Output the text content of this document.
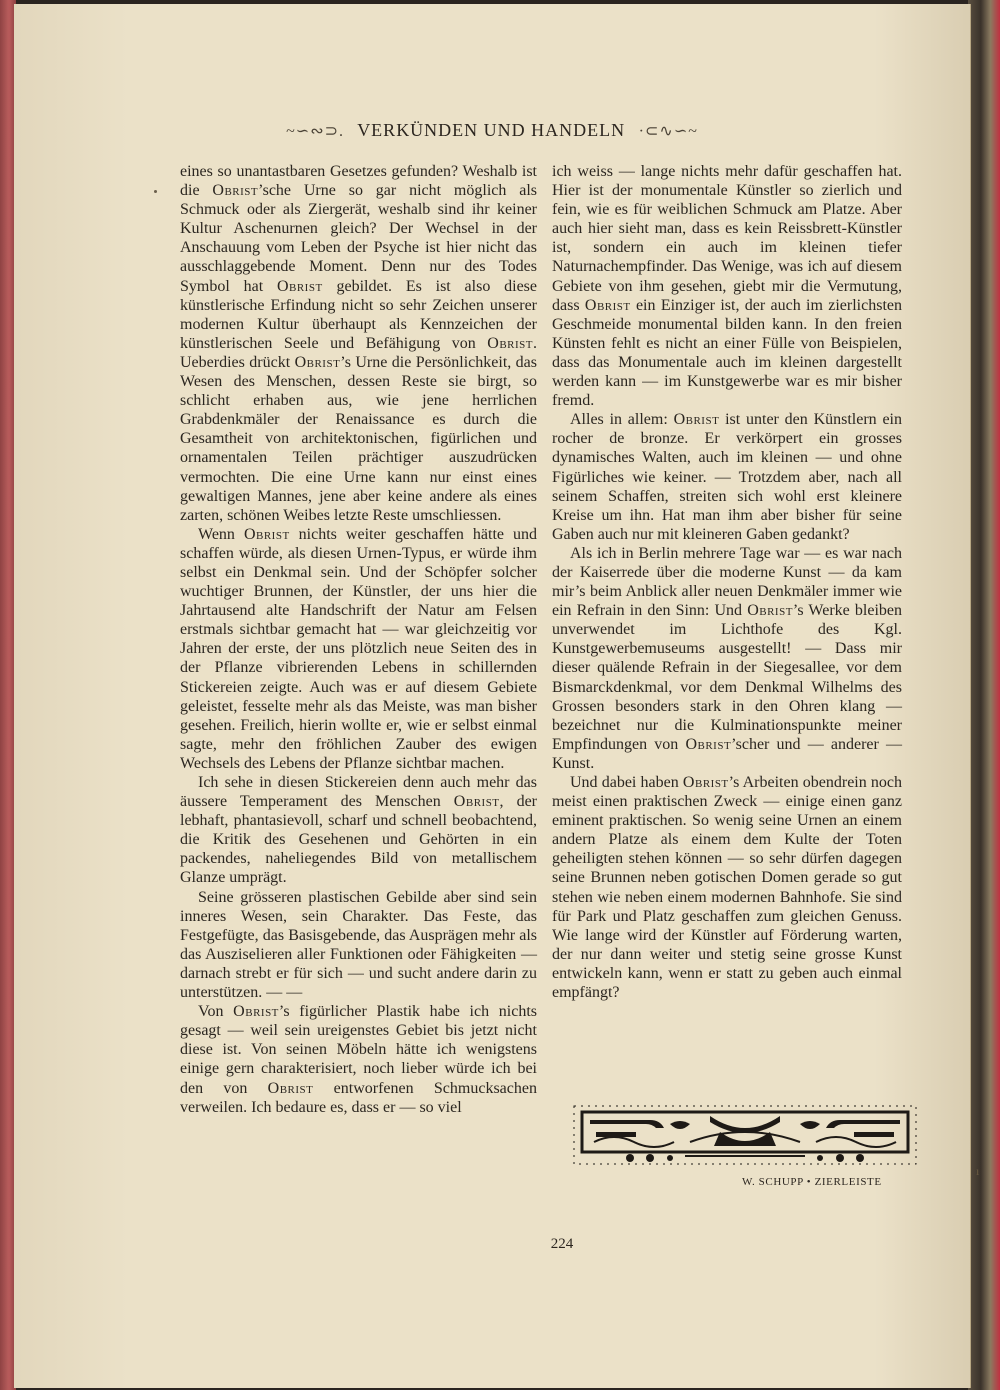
~∽∾⊃. VERKÜNDEN UND HANDELN ·⊂∿∽~

eines so unantastbaren Gesetzes gefunden? Weshalb ist die Obrist’sche Urne so gar nicht möglich als Schmuck oder als Ziergerät, weshalb sind ihr keiner Kultur Aschenurnen gleich? Der Wechsel in der Anschauung vom Leben der Psyche ist hier nicht das ausschlaggebende Moment. Denn nur des Todes Symbol hat Obrist gebildet. Es ist also diese künstlerische Erfindung nicht so sehr Zeichen unserer modernen Kultur überhaupt als Kennzeichen der künstlerischen Seele und Befähigung von Obrist. Ueberdies drückt Obrist’s Urne die Persönlichkeit, das Wesen des Menschen, dessen Reste sie birgt, so schlicht erhaben aus, wie jene herrlichen Grabdenkmäler der Renaissance es durch die Gesamtheit von architektonischen, figürlichen und ornamentalen Teilen prächtiger auszudrücken vermochten. Die eine Urne kann nur einst eines gewaltigen Mannes, jene aber keine andere als eines zarten, schönen Weibes letzte Reste umschliessen.

Wenn Obrist nichts weiter geschaffen hätte und schaffen würde, als diesen Urnen-Typus, er würde ihm selbst ein Denkmal sein. Und der Schöpfer solcher wuchtiger Brunnen, der Künstler, der uns hier die Jahrtausend alte Handschrift der Natur am Felsen erstmals sichtbar gemacht hat — war gleichzeitig vor Jahren der erste, der uns plötzlich neue Seiten des in der Pflanze vibrierenden Lebens in schillernden Stickereien zeigte. Auch was er auf diesem Gebiete geleistet, fesselte mehr als das Meiste, was man bisher gesehen. Freilich, hierin wollte er, wie er selbst einmal sagte, mehr den fröhlichen Zauber des ewigen Wechsels des Lebens der Pflanze sichtbar machen.

Ich sehe in diesen Stickereien denn auch mehr das äussere Temperament des Menschen Obrist, der lebhaft, phantasievoll, scharf und schnell beobachtend, die Kritik des Gesehenen und Gehörten in ein packendes, naheliegendes Bild von metallischem Glanze umprägt.

Seine grösseren plastischen Gebilde aber sind sein inneres Wesen, sein Charakter. Das Feste, das Festgefügte, das Basisgebende, das Ausprägen mehr als das Ausziselieren aller Funktionen oder Fähigkeiten — darnach strebt er für sich — und sucht andere darin zu unterstützen. — —

Von Obrist’s figürlicher Plastik habe ich nichts gesagt — weil sein ureigenstes Gebiet bis jetzt nicht diese ist. Von seinen Möbeln hätte ich wenigstens einige gern charakterisiert, noch lieber würde ich bei den von Obrist entworfenen Schmucksachen verweilen. Ich bedaure es, dass er — so viel

ich weiss — lange nichts mehr dafür geschaffen hat. Hier ist der monumentale Künstler so zierlich und fein, wie es für weiblichen Schmuck am Platze. Aber auch hier sieht man, dass es kein Reissbrett-Künstler ist, sondern ein auch im kleinen tiefer Naturnachempfinder. Das Wenige, was ich auf diesem Gebiete von ihm gesehen, giebt mir die Vermutung, dass Obrist ein Einziger ist, der auch im zierlichsten Geschmeide monumental bilden kann. In den freien Künsten fehlt es nicht an einer Fülle von Beispielen, dass das Monumentale auch im kleinen dargestellt werden kann — im Kunstgewerbe war es mir bisher fremd.

Alles in allem: Obrist ist unter den Künstlern ein rocher de bronze. Er verkörpert ein grosses dynamisches Walten, auch im kleinen — und ohne Figürliches wie keiner. — Trotzdem aber, nach all seinem Schaffen, streiten sich wohl erst kleinere Kreise um ihn. Hat man ihm aber bisher für seine Gaben auch nur mit kleineren Gaben gedankt?

Als ich in Berlin mehrere Tage war — es war nach der Kaiserrede über die moderne Kunst — da kam mir’s beim Anblick aller neuen Denkmäler immer wie ein Refrain in den Sinn: Und Obrist’s Werke bleiben unverwendet im Lichthofe des Kgl. Kunstgewerbemuseums ausgestellt! — Dass mir dieser quälende Refrain in der Siegesallee, vor dem Bismarckdenkmal, vor dem Denkmal Wilhelms des Grossen besonders stark in den Ohren klang — bezeichnet nur die Kulminationspunkte meiner Empfindungen von Obrist’scher und — anderer — Kunst.

Und dabei haben Obrist’s Arbeiten obendrein noch meist einen praktischen Zweck — einige einen ganz eminent praktischen. So wenig seine Urnen an einem andern Platze als einem dem Kulte der Toten geheiligten stehen können — so sehr dürfen dagegen seine Brunnen neben gotischen Domen gerade so gut stehen wie neben einem modernen Bahnhofe. Sie sind für Park und Platz geschaffen zum gleichen Genuss. Wie lange wird der Künstler auf Förderung warten, der nur dann weiter und stetig seine grosse Kunst entwickeln kann, wenn er statt zu geben auch einmal empfängt?

W. SCHUPP • ZIERLEISTE
224
ı
